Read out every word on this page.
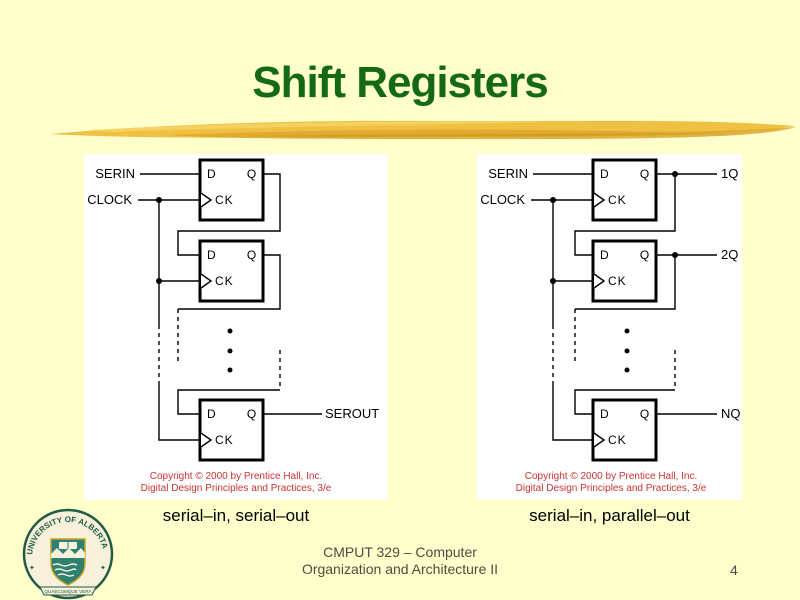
Shift Registers
SERIN
CLOCK
SEROUT
D	Q
CK
D	Q
CK
D	Q
CK
Copyright © 2000 by Prentice Hall, Inc.
Digital Design Principles and Practices, 3/e
SERIN
CLOCK
1Q
2Q
NQ
D	Q
CK
D	Q
CK
D	Q
CK
Copyright © 2000 by Prentice Hall, Inc.
Digital Design Principles and Practices, 3/e
serial–in, serial–out	serial–in, parallel–out
UNIVERSITY OF ALBERTA
✦	✦
QUAECUMQUE VERA
CMPUT 329 – Computer
Organization and Architecture II	4
